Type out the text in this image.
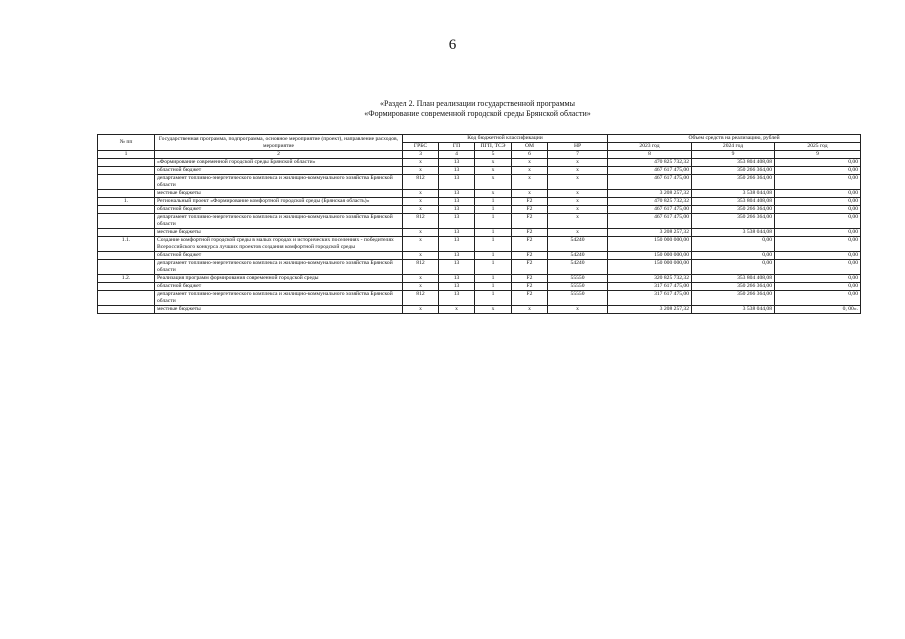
6
«Раздел 2. План реализации государственной программы
«Формирование современной городской среды Брянской области»
№ пп	Государственная программа, подпрограмма, основное мероприятие (проект), направление расходов, мероприятие	Код бюджетной классификации					Объем средств на реализацию, рублей		
		ГРБС	ГП	ПГП, ТСЭ	ОМ	НР	2023 год	2024 год	2025 год
1	2	3	4	5	6	7	8	9	9
	«Формирование современной городской среды Брянской области»	х	13	х	х	х	470 825 732,32	353 804 408,08	0,00
	областной бюджет	х	13	х	х	х	467 617 475,00	350 266 364,00	0,00
	департамент топливно-энергетического комплекса и жилищно-коммунального хозяйства Брянской области	812	13	х	х	х	467 617 475,00	350 266 364,00	0,00
	местные бюджеты	х	13	х	х	х	3 208 257,32	3 538 044,08	0,00
1.	Региональный проект «Формирование комфортной городской среды (Брянская область)»	х	13	1	F2	х	470 825 732,32	353 804 408,08	0,00
	областной бюджет	х	13	1	F2	х	467 617 475,00	350 266 364,00	0,00
	департамент топливно-энергетического комплекса и жилищно-коммунального хозяйства Брянской области	812	13	1	F2	х	467 617 475,00	350 266 364,00	0,00
	местные бюджеты	х	13	1	F2	х	3 208 257,32	3 538 044,08	0,00
1.1.	Создание комфортной городской среды в малых городах и исторических поселениях - победителях Всероссийского конкурса лучших проектов создания комфортной городской среды	х	13	1	F2	54240	150 000 000,00	0,00	0,00
	областной бюджет	х	13	1	F2	54240	150 000 000,00	0,00	0,00
	департамент топливно-энергетического комплекса и жилищно-коммунального хозяйства Брянской области	812	13	1	F2	54240	150 000 000,00	0,00	0,00
1.2.	Реализация программ формирования современной городской среды	х	13	1	F2	55550	320 825 732,32	353 804 408,08	0,00
	областной бюджет	х	13	1	F2	55550	317 617 475,00	350 266 364,00	0,00
	департамент топливно-энергетического комплекса и жилищно-коммунального хозяйства Брянской области	812	13	1	F2	55550	317 617 475,00	350 266 364,00	0,00
	местные бюджеты	х	х	х	х	х	3 208 257,32	3 538 044,08	0, 00».
